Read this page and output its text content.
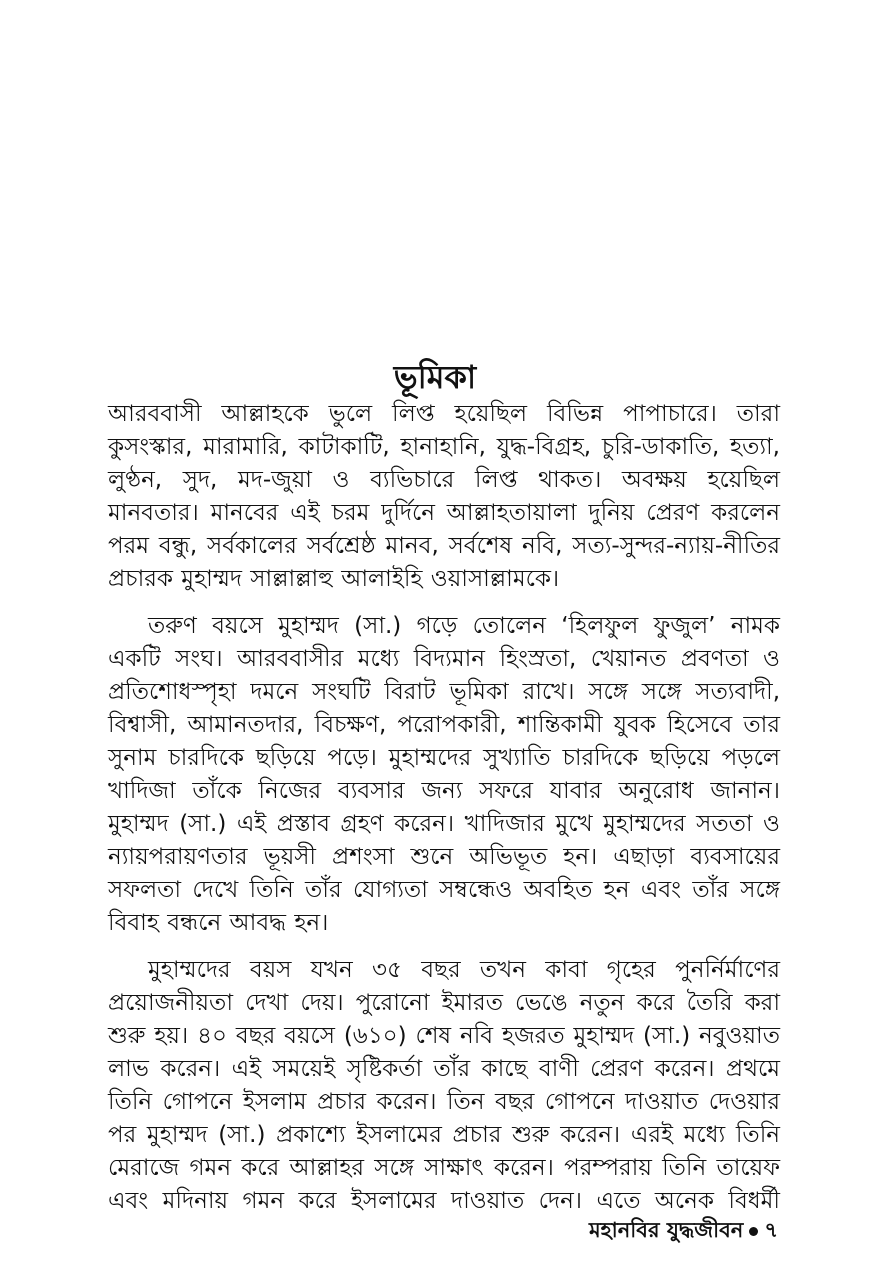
ভূমিকা

আরববাসী আল্লাহকে ভুলে লিপ্ত হয়েছিল বিভিন্ন পাপাচারে। তারা কুসংস্কার, মারামারি, কাটাকাটি, হানাহানি, যুদ্ধ-বিগ্রহ, চুরি-ডাকাতি, হত্যা, লুণ্ঠন, সুদ, মদ-জুয়া ও ব্যভিচারে লিপ্ত থাকত। অবক্ষয় হয়েছিল মানবতার। মানবের এই চরম দুর্দিনে আল্লাহতায়ালা দুনিয় প্রেরণ করলেন পরম বন্ধু, সর্বকালের সর্বশ্রেষ্ঠ মানব, সর্বশেষ নবি, সত্য-সুন্দর-ন্যায়-নীতির প্রচারক মুহাম্মদ সাল্লাল্লাহু আলাইহি ওয়াসাল্লামকে।

তরুণ বয়সে মুহাম্মদ (সা.) গড়ে তোলেন ‘হিলফুল ফুজুল’ নামক একটি সংঘ। আরববাসীর মধ্যে বিদ্যমান হিংস্রতা, খেয়ানত প্রবণতা ও প্রতিশোধস্পৃহা দমনে সংঘটি বিরাট ভূমিকা রাখে। সঙ্গে সঙ্গে সত্যবাদী, বিশ্বাসী, আমানতদার, বিচক্ষণ, পরোপকারী, শান্তিকামী যুবক হিসেবে তার সুনাম চারদিকে ছড়িয়ে পড়ে। মুহাম্মদের সুখ্যাতি চারদিকে ছড়িয়ে পড়লে খাদিজা তাঁকে নিজের ব্যবসার জন্য সফরে যাবার অনুরোধ জানান। মুহাম্মদ (সা.) এই প্রস্তাব গ্রহণ করেন। খাদিজার মুখে মুহাম্মদের সততা ও ন্যায়পরায়ণতার ভূয়সী প্রশংসা শুনে অভিভূত হন। এছাড়া ব্যবসায়ের সফলতা দেখে তিনি তাঁর যোগ্যতা সম্বন্ধেও অবহিত হন এবং তাঁর সঙ্গে বিবাহ বন্ধনে আবদ্ধ হন।

মুহাম্মদের বয়স যখন ৩৫ বছর তখন কাবা গৃহের পুনর্নির্মাণের প্রয়োজনীয়তা দেখা দেয়। পুরোনো ইমারত ভেঙে নতুন করে তৈরি করা শুরু হয়। ৪০ বছর বয়সে (৬১০) শেষ নবি হজরত মুহাম্মদ (সা.) নবুওয়াত লাভ করেন। এই সময়েই সৃষ্টিকর্তা তাঁর কাছে বাণী প্রেরণ করেন। প্রথমে তিনি গোপনে ইসলাম প্রচার করেন। তিন বছর গোপনে দাওয়াত দেওয়ার পর মুহাম্মদ (সা.) প্রকাশ্যে ইসলামের প্রচার শুরু করেন। এরই মধ্যে তিনি মেরাজে গমন করে আল্লাহর সঙ্গে সাক্ষাৎ করেন। পরম্পরায় তিনি তায়েফ এবং মদিনায় গমন করে ইসলামের দাওয়াত দেন। এতে অনেক বিধর্মী

মহানবির যুদ্ধজীবন ৭
